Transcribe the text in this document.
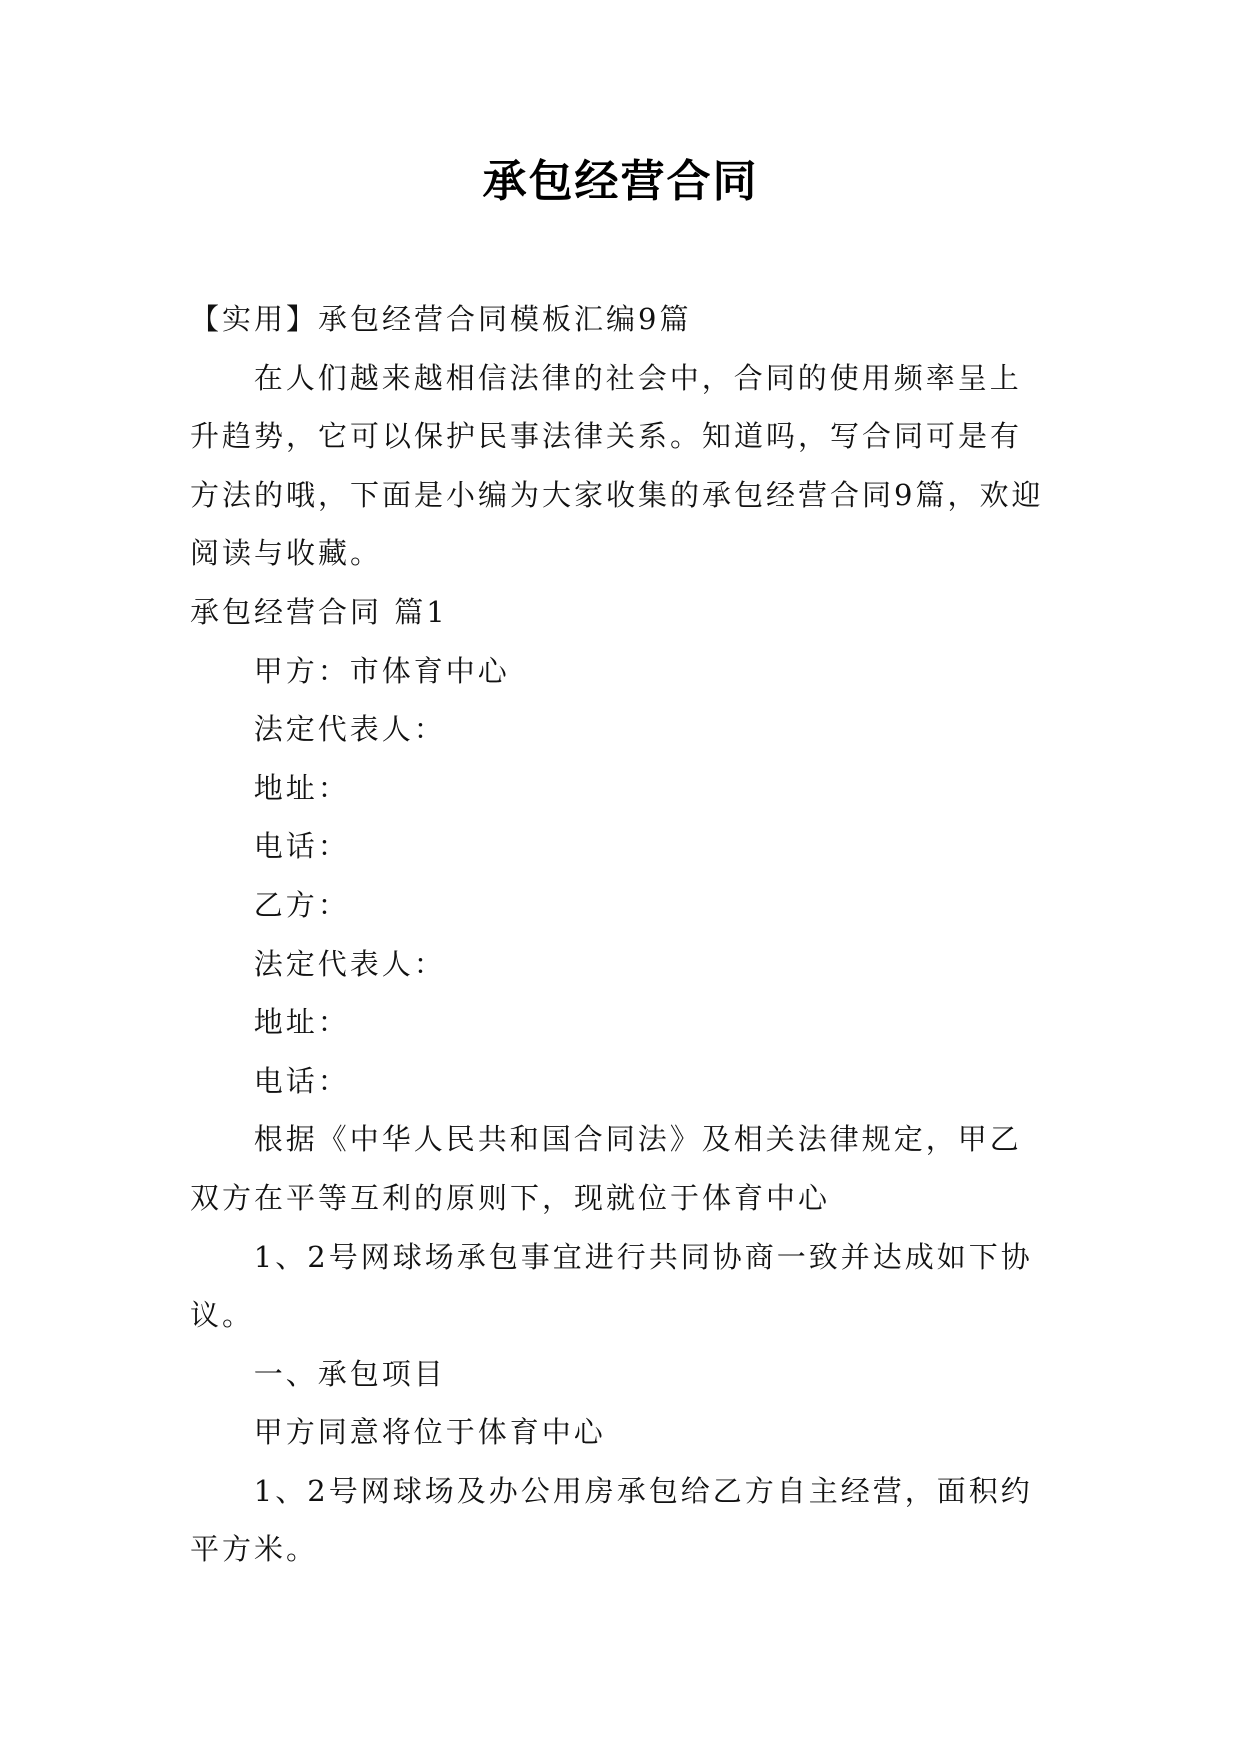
承包经营合同

【实用】承包经营合同模板汇编9篇

在人们越来越相信法律的社会中，合同的使用频率呈上升趋势，它可以保护民事法律关系。知道吗，写合同可是有方法的哦，下面是小编为大家收集的承包经营合同9篇，欢迎阅读与收藏。

承包经营合同 篇1

甲方：市体育中心

法定代表人：

地址：

电话：

乙方：

法定代表人：

地址：

电话：

根据《中华人民共和国合同法》及相关法律规定，甲乙双方在平等互利的原则下，现就位于体育中心

1、2号网球场承包事宜进行共同协商一致并达成如下协议。

一、承包项目

甲方同意将位于体育中心

1、2号网球场及办公用房承包给乙方自主经营，面积约平方米。
